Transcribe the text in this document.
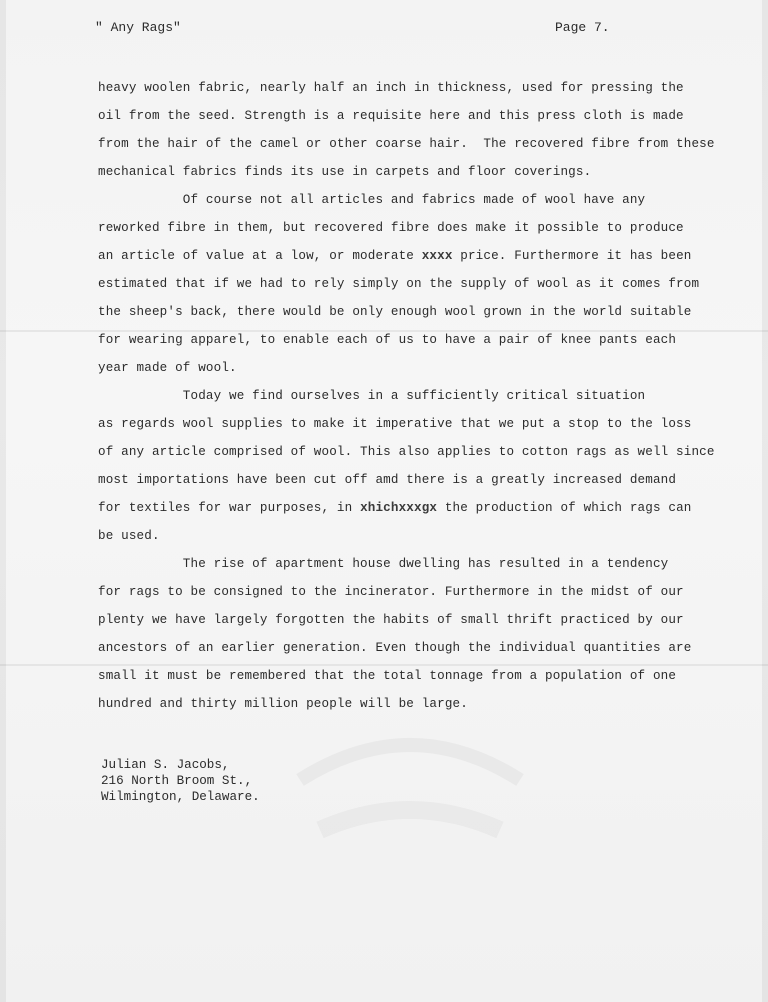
" Any Rags"	Page 7.
heavy woolen fabric, nearly half an inch in thickness, used for pressing the
oil from the seed. Strength is a requisite here and this press cloth is made
from the hair of the camel or other coarse hair.  The recovered fibre from these
mechanical fabrics finds its use in carpets and floor coverings.
Of course not all articles and fabrics made of wool have any
reworked fibre in them, but recovered fibre does make it possible to produce
an article of value at a low, or moderate xxxx price. Furthermore it has been
estimated that if we had to rely simply on the supply of wool as it comes from
the sheep's back, there would be only enough wool grown in the world suitable
for wearing apparel, to enable each of us to have a pair of knee pants each
year made of wool.
Today we find ourselves in a sufficiently critical situation
as regards wool supplies to make it imperative that we put a stop to the loss
of any article comprised of wool. This also applies to cotton rags as well since
most importations have been cut off amd there is a greatly increased demand
for textiles for war purposes, in xhichxxxgx the production of which rags can
be used.
The rise of apartment house dwelling has resulted in a tendency
for rags to be consigned to the incinerator. Furthermore in the midst of our
plenty we have largely forgotten the habits of small thrift practiced by our
ancestors of an earlier generation. Even though the individual quantities are
small it must be remembered that the total tonnage from a population of one
hundred and thirty million people will be large.
Julian S. Jacobs,
216 North Broom St.,
Wilmington, Delaware.
